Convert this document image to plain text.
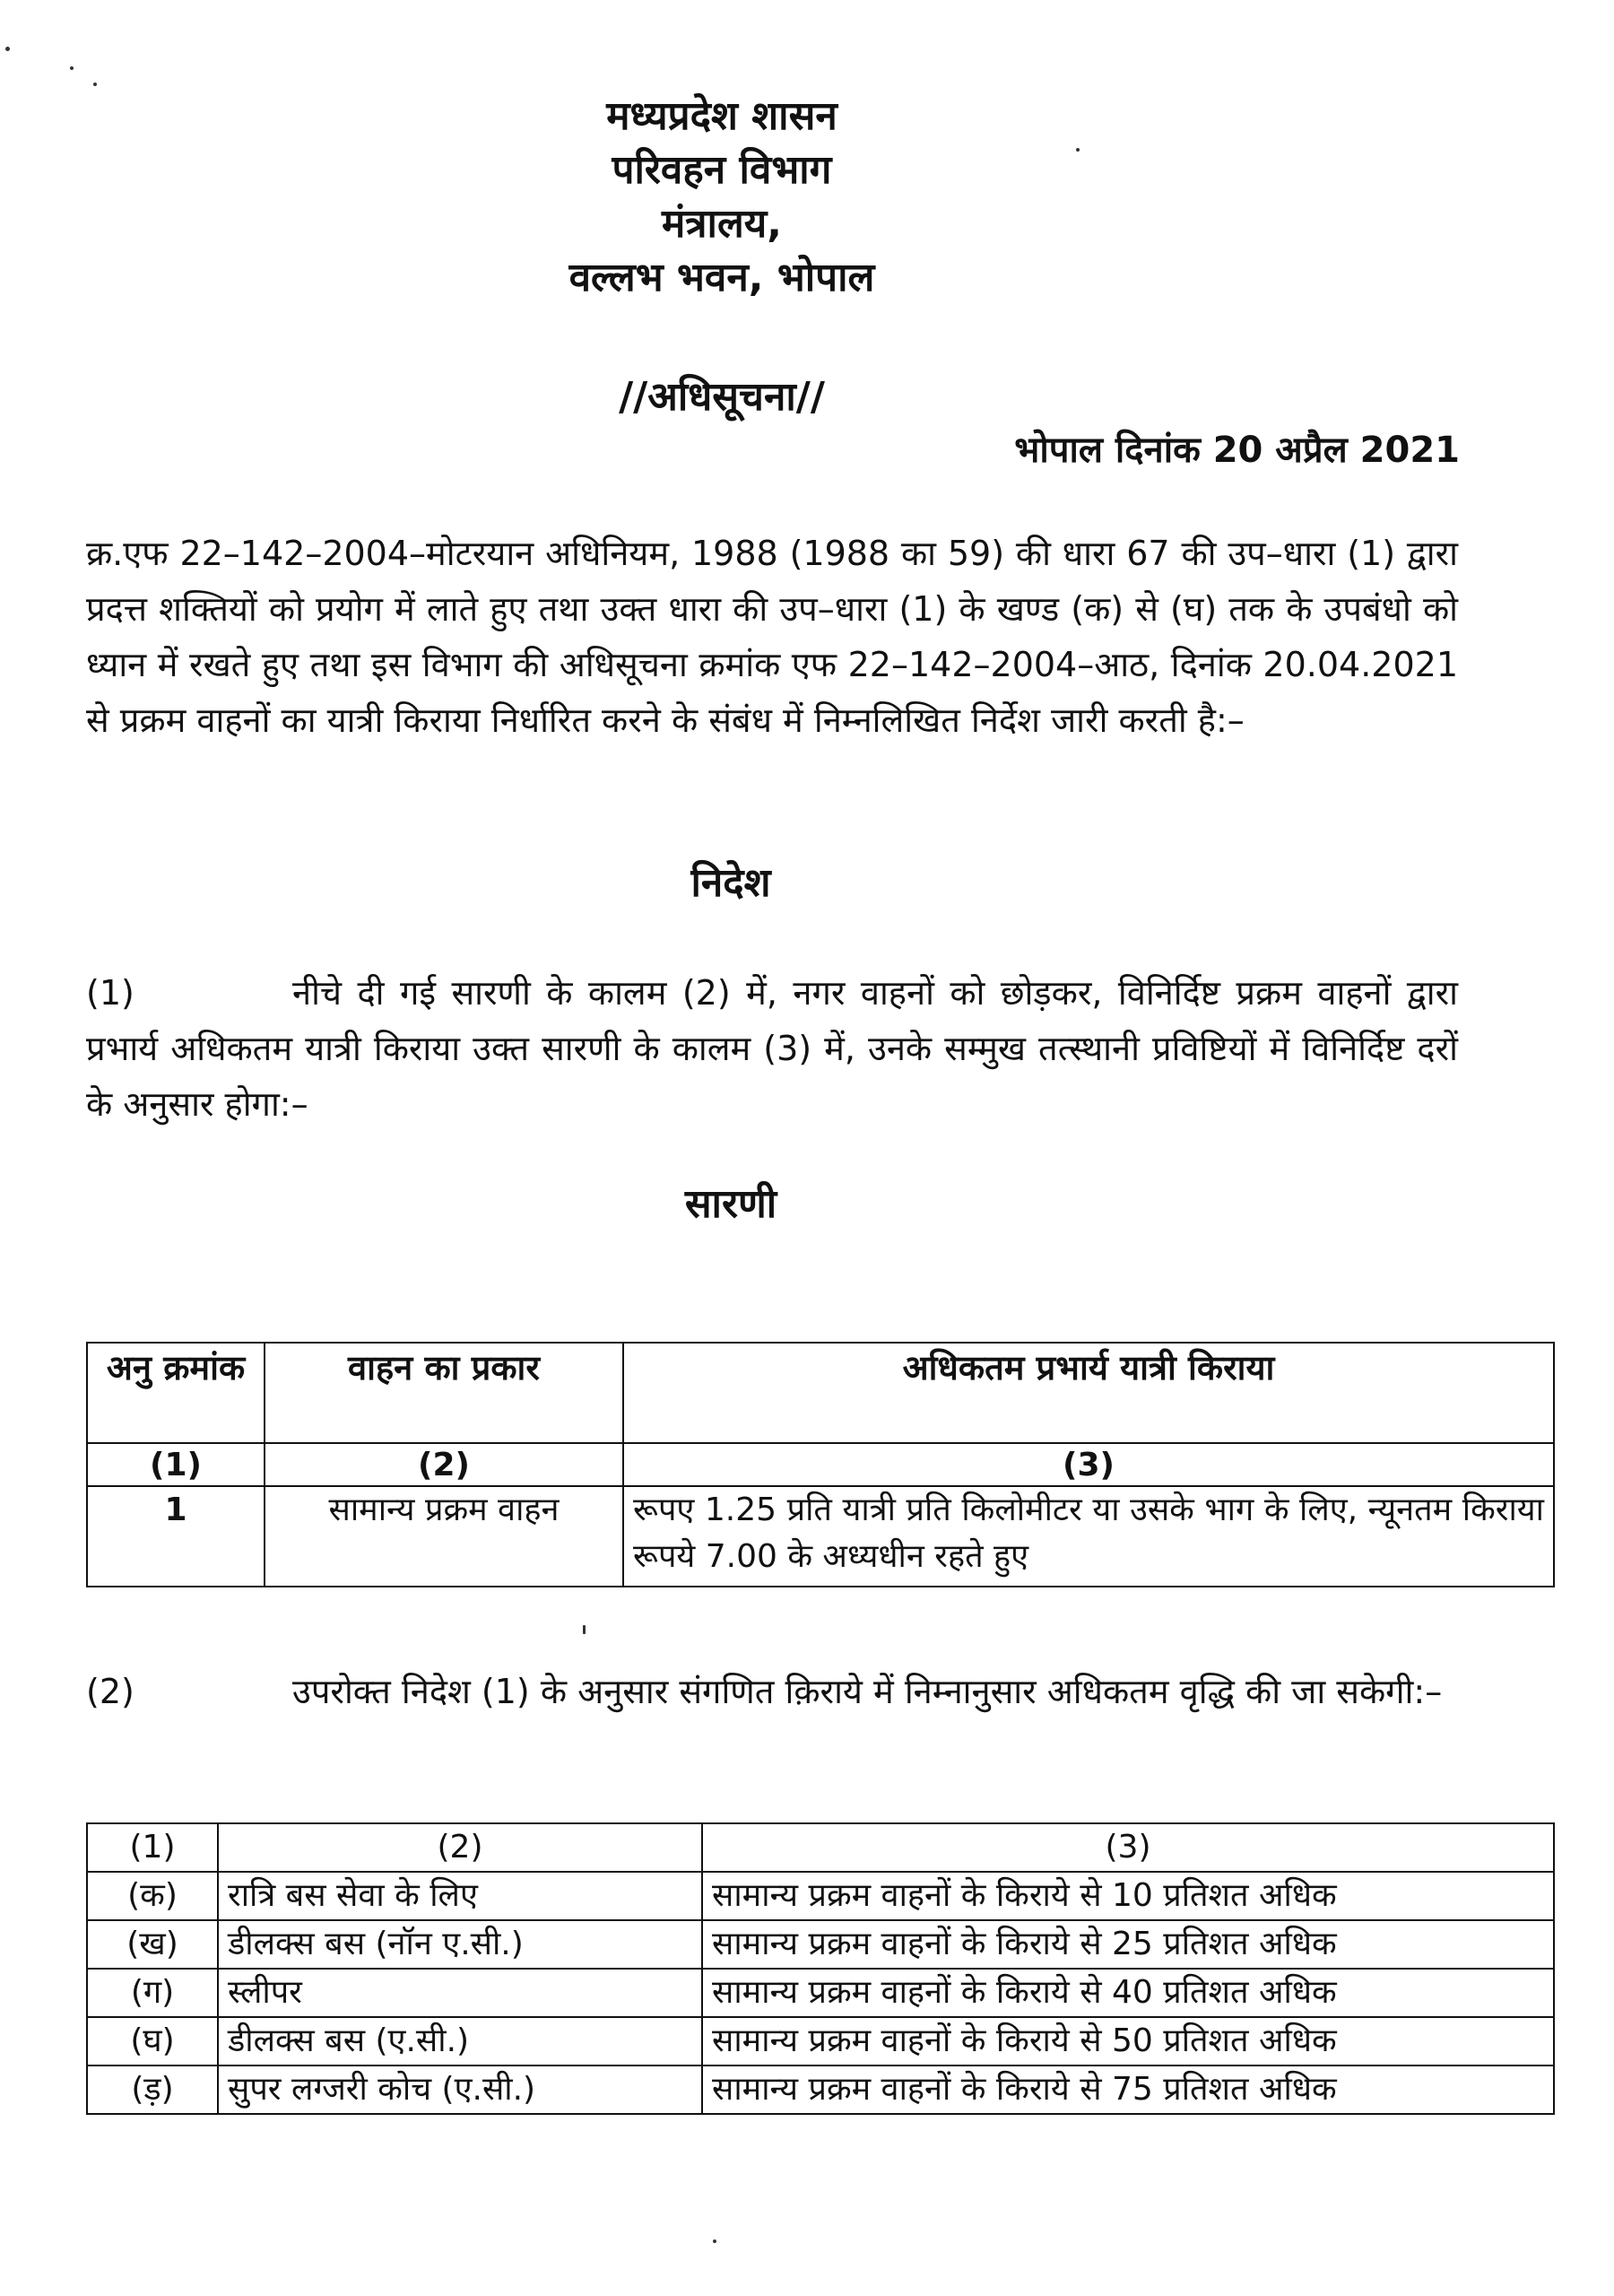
मध्यप्रदेश शासन
परिवहन विभाग
मंत्रालय,
वल्लभ भवन, भोपाल
//अधिसूचना//
भोपाल दिनांक 20 अप्रैल 2021
क्र.एफ 22–142–2004–मोटरयान अधिनियम, 1988 (1988 का 59) की धारा 67 की उप–धारा (1) द्वारा प्रदत्त शक्तियों को प्रयोग में लाते हुए तथा उक्त धारा की उप–धारा (1) के खण्ड (क) से (घ) तक के उपबंधो को ध्यान में रखते हुए तथा इस विभाग की अधिसूचना क्रमांक एफ 22–142–2004–आठ, दिनांक 20.04.2021 से प्रक्रम वाहनों का यात्री किराया निर्धारित करने के संबंध में निम्नलिखित निर्देश जारी करती है:–
निदेश
(1)	नीचे दी गई सारणी के कालम (2) में, नगर वाहनों को छोड़कर, विनिर्दिष्ट प्रक्रम वाहनों द्वारा प्रभार्य अधिकतम यात्री किराया उक्त सारणी के कालम (3) में, उनके सम्मुख तत्स्थानी प्रविष्टियों में विनिर्दिष्ट दरों के अनुसार होगा:–
सारणी
अनु क्रमांक	वाहन का प्रकार	अधिकतम प्रभार्य यात्री किराया
(1)	(2)	(3)
1	सामान्य प्रक्रम वाहन	रूपए 1.25 प्रति यात्री प्रति किलोमीटर या उसके भाग के लिए, न्यूनतम किराया रूपये 7.00 के अध्यधीन रहते हुए
(2)	उपरोक्त निदेश (1) के अनुसार संगणित क़िराये में निम्नानुसार अधिकतम वृद्धि की जा सकेगी:–
(1)	(2)	(3)
(क)	रात्रि बस सेवा के लिए	सामान्य प्रक्रम वाहनों के किराये से 10 प्रतिशत अधिक
(ख)	डीलक्स बस (नॉन ए.सी.)	सामान्य प्रक्रम वाहनों के किराये से 25 प्रतिशत अधिक
(ग)	स्लीपर	सामान्य प्रक्रम वाहनों के किराये से 40 प्रतिशत अधिक
(घ)	डीलक्स बस (ए.सी.)	सामान्य प्रक्रम वाहनों के किराये से 50 प्रतिशत अधिक
(ड़)	सुपर लग्जरी कोच (ए.सी.)	सामान्य प्रक्रम वाहनों के किराये से 75 प्रतिशत अधिक
